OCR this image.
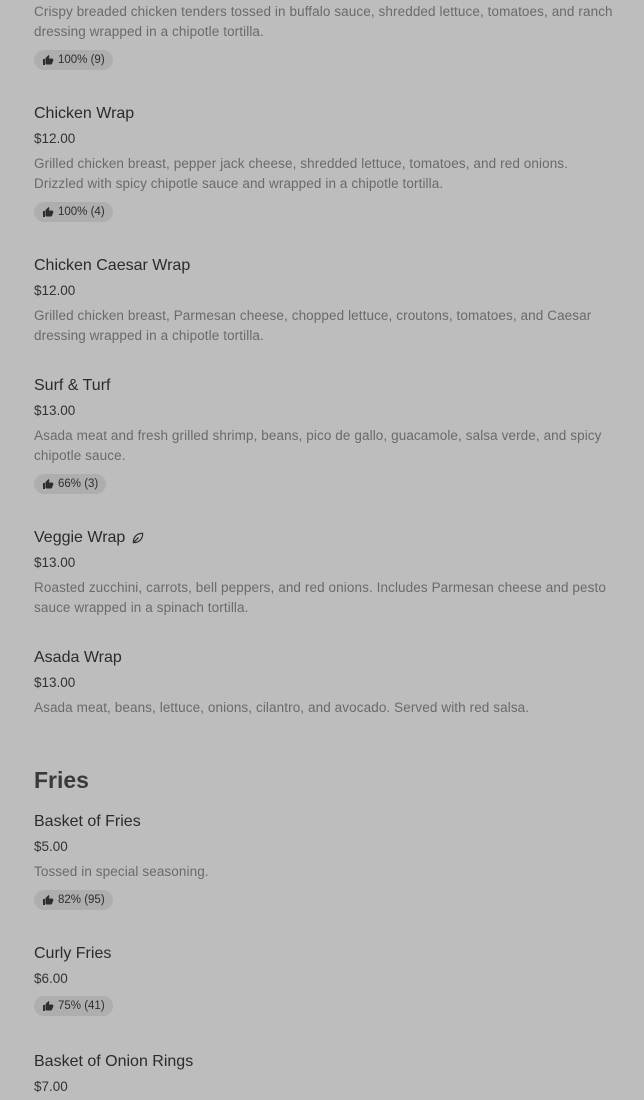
Crispy breaded chicken tenders tossed in buffalo sauce, shredded lettuce, tomatoes, and ranch dressing wrapped in a chipotle tortilla.
100% (9)
Chicken Wrap
$12.00
Grilled chicken breast, pepper jack cheese, shredded lettuce, tomatoes, and red onions. Drizzled with spicy chipotle sauce and wrapped in a chipotle tortilla.
100% (4)
Chicken Caesar Wrap
$12.00
Grilled chicken breast, Parmesan cheese, chopped lettuce, croutons, tomatoes, and Caesar dressing wrapped in a chipotle tortilla.
Surf & Turf
$13.00
Asada meat and fresh grilled shrimp, beans, pico de gallo, guacamole, salsa verde, and spicy chipotle sauce.
66% (3)
Veggie Wrap
$13.00
Roasted zucchini, carrots, bell peppers, and red onions. Includes Parmesan cheese and pesto sauce wrapped in a spinach tortilla.
Asada Wrap
$13.00
Asada meat, beans, lettuce, onions, cilantro, and avocado. Served with red salsa.
Fries
Basket of Fries
$5.00
Tossed in special seasoning.
82% (95)
Curly Fries
$6.00
75% (41)
Basket of Onion Rings
$7.00
